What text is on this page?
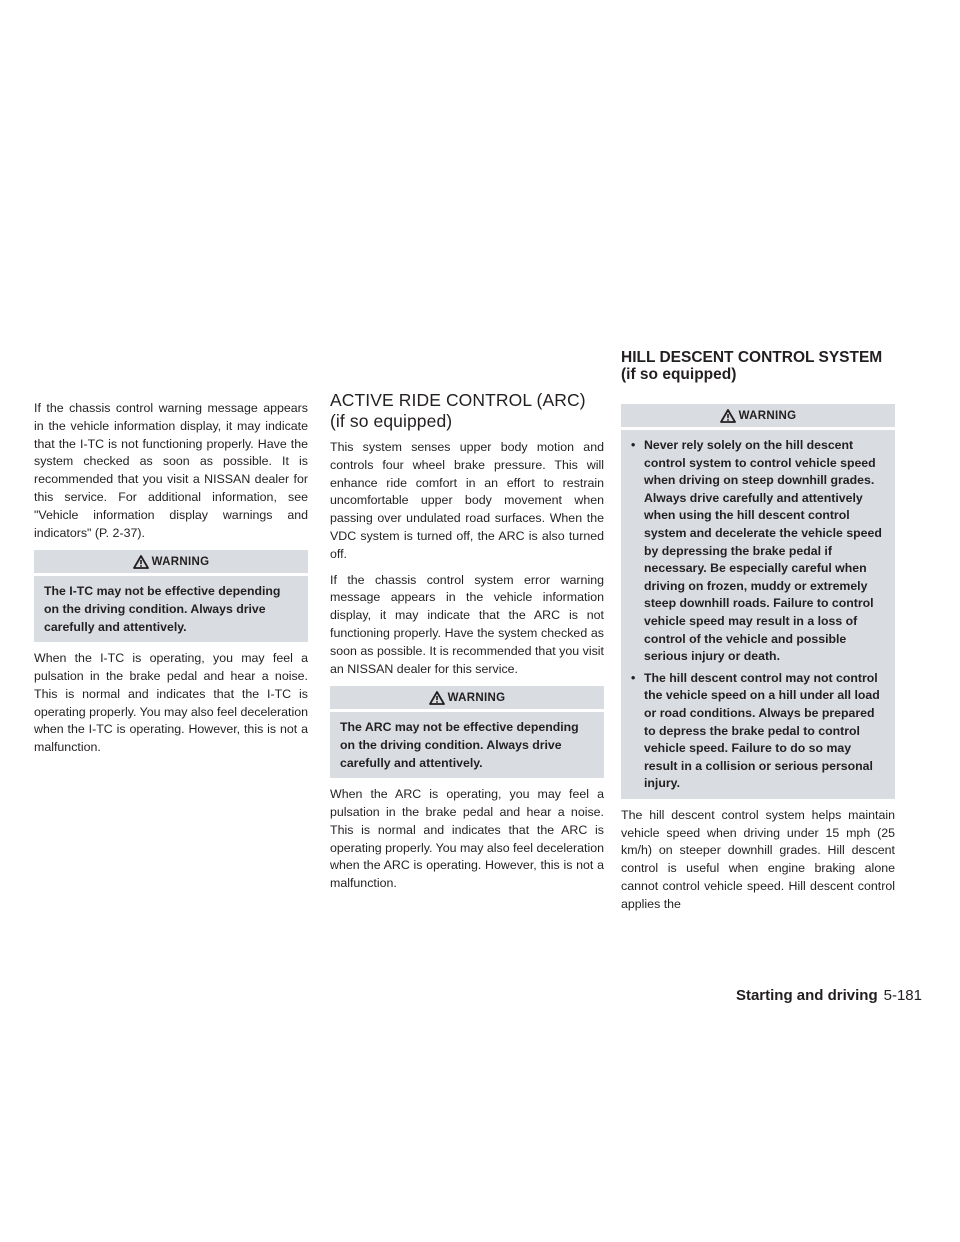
HILL DESCENT CONTROL SYSTEM
(if so equipped)

If the chassis control warning message appears in the vehicle information display, it may indicate that the I-TC is not functioning properly. Have the system checked as soon as possible. It is recommended that you visit a NISSAN dealer for this service. For additional information, see "Vehicle information display warnings and indicators" (P. 2-37).

WARNING
The I-TC may not be effective depending on the driving condition. Always drive carefully and attentively.

When the I-TC is operating, you may feel a pulsation in the brake pedal and hear a noise. This is normal and indicates that the I-TC is operating properly. You may also feel deceleration when the I-TC is operating. However, this is not a malfunction.

ACTIVE RIDE CONTROL (ARC) (if so equipped)

This system senses upper body motion and controls four wheel brake pressure. This will enhance ride comfort in an effort to restrain uncomfortable upper body movement when passing over undulated road surfaces. When the VDC system is turned off, the ARC is also turned off.

If the chassis control system error warning message appears in the vehicle information display, it may indicate that the ARC is not functioning properly. Have the system checked as soon as possible. It is recommended that you visit an NISSAN dealer for this service.

WARNING
The ARC may not be effective depending on the driving condition. Always drive carefully and attentively.

When the ARC is operating, you may feel a pulsation in the brake pedal and hear a noise. This is normal and indicates that the ARC is operating properly. You may also feel deceleration when the ARC is operating. However, this is not a malfunction.

WARNING
• Never rely solely on the hill descent control system to control vehicle speed when driving on steep downhill grades. Always drive carefully and attentively when using the hill descent control system and decelerate the vehicle speed by depressing the brake pedal if necessary. Be especially careful when driving on frozen, muddy or extremely steep downhill roads. Failure to control vehicle speed may result in a loss of control of the vehicle and possible serious injury or death.
• The hill descent control may not control the vehicle speed on a hill under all load or road conditions. Always be prepared to depress the brake pedal to control vehicle speed. Failure to do so may result in a collision or serious personal injury.

The hill descent control system helps maintain vehicle speed when driving under 15 mph (25 km/h) on steeper downhill grades. Hill descent control is useful when engine braking alone cannot control vehicle speed. Hill descent control applies the

Starting and driving 5-181
